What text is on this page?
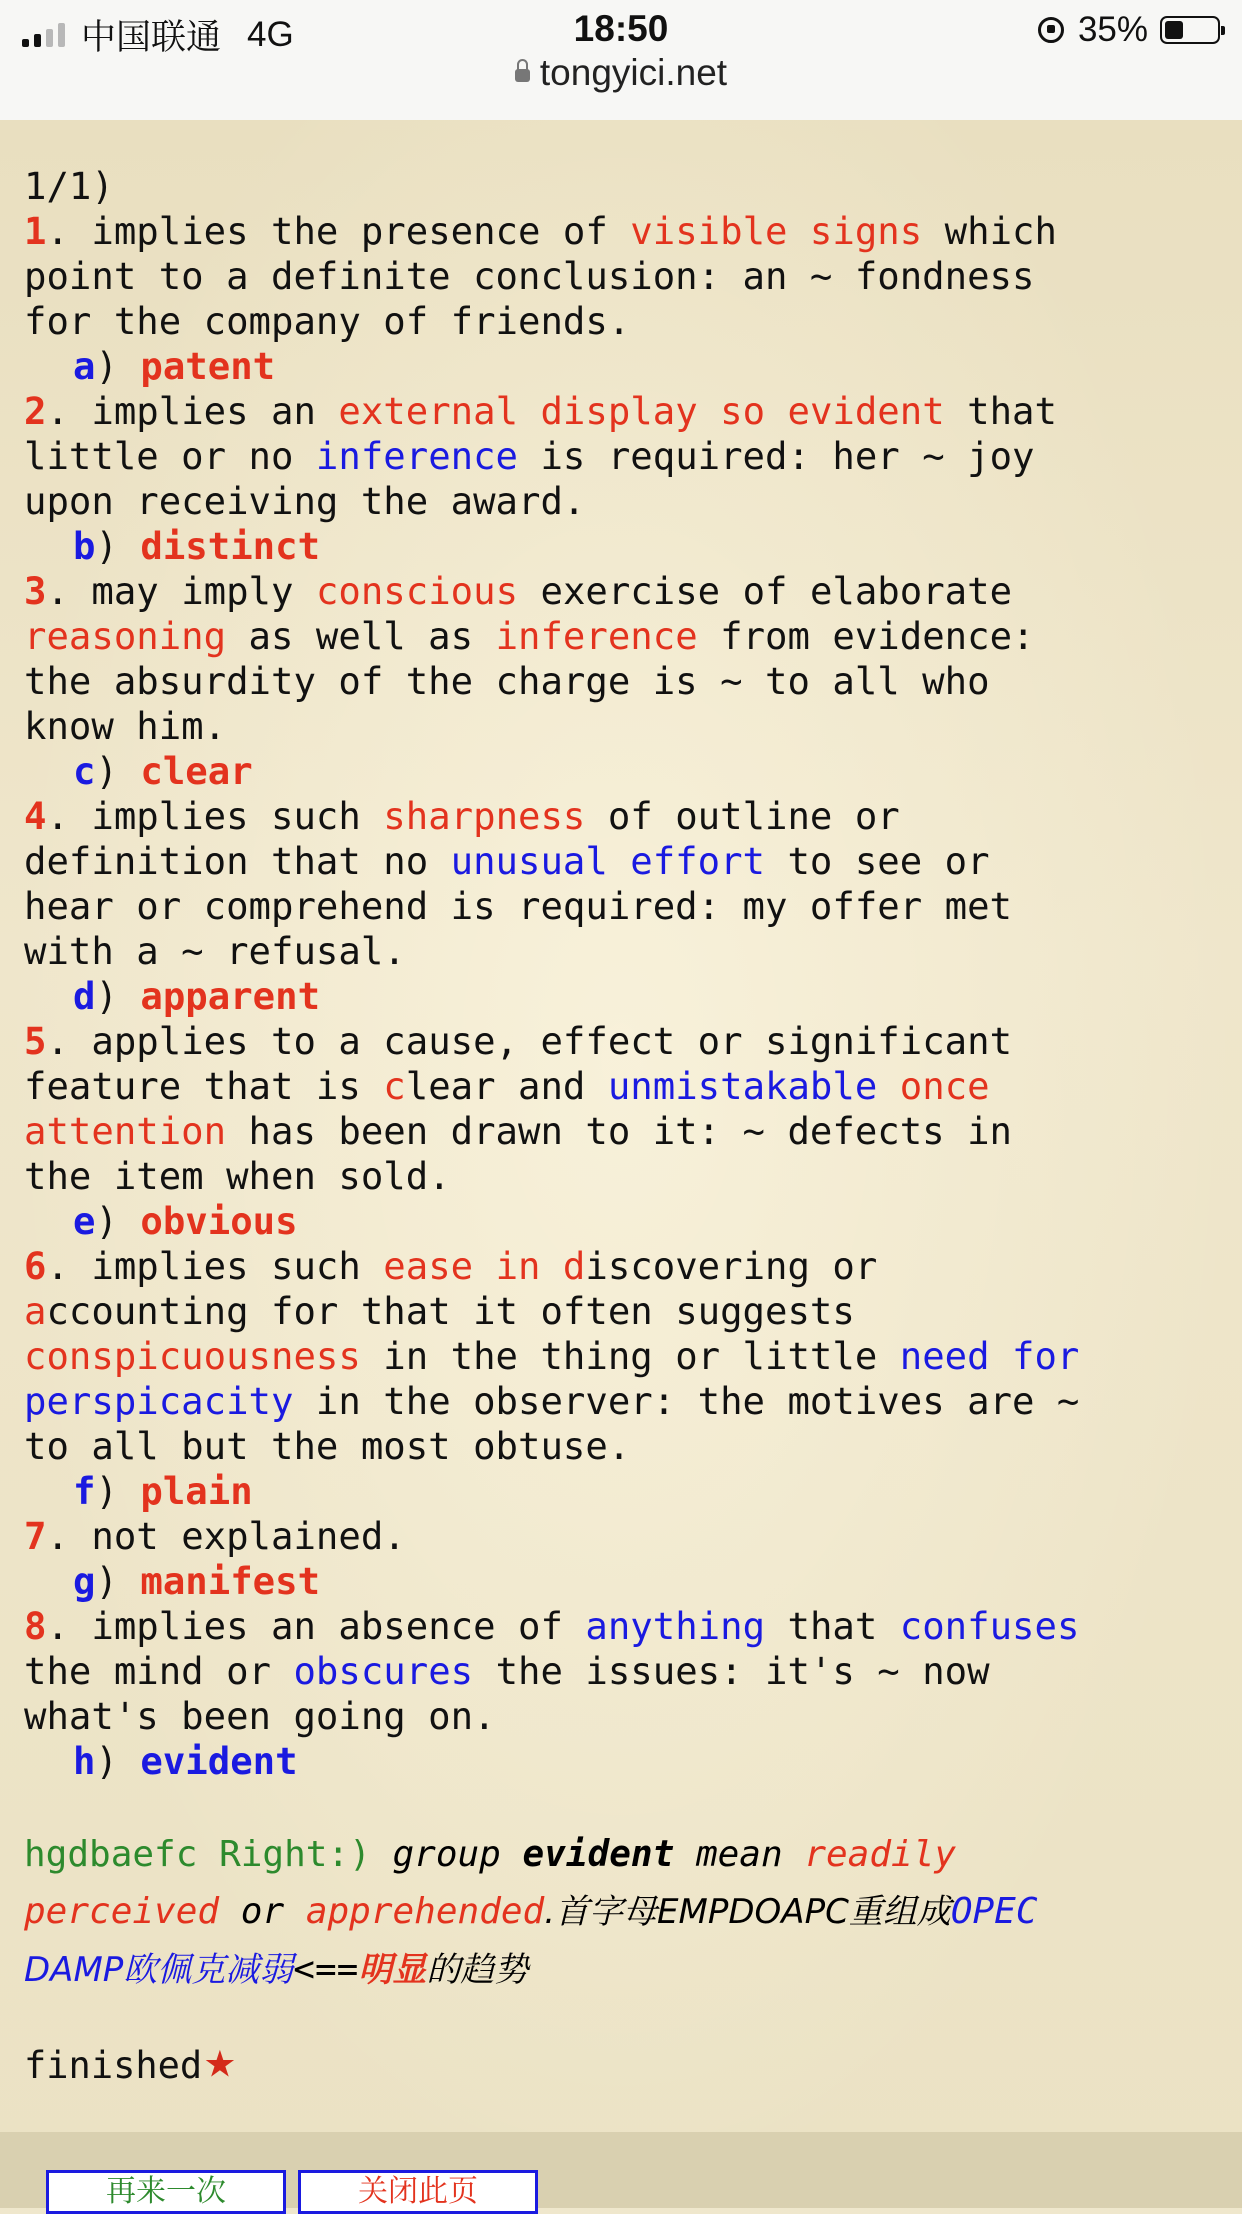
中国联通 4G	18:50
tongyici.net
35%
1/1)
1. implies the presence of visible signs which
point to a definite conclusion: an ~ fondness
for the company of friends.
a) patent
2. implies an external display so evident that
little or no inference is required: her ~ joy
upon receiving the award.
b) distinct
3. may imply conscious exercise of elaborate
reasoning as well as inference from evidence:
the absurdity of the charge is ~ to all who
know him.
c) clear
4. implies such sharpness of outline or
definition that no unusual effort to see or
hear or comprehend is required: my offer met
with a ~ refusal.
d) apparent
5. applies to a cause, effect or significant
feature that is clear and unmistakable once
attention has been drawn to it: ~ defects in
the item when sold.
e) obvious
6. implies such ease in discovering or
accounting for that it often suggests
conspicuousness in the thing or little need for
perspicacity in the observer: the motives are ~
to all but the most obtuse.
f) plain
7. not explained.
g) manifest
8. implies an absence of anything that confuses
the mind or obscures the issues: it's ~ now
what's been going on.
h) evident
hgdbaefc Right:) group evident mean readily
perceived or apprehended.首字母EMPDOAPC重组成OPEC
DAMP欧佩克减弱<==明显的趋势
finished ★
再来一次	关闭此页
